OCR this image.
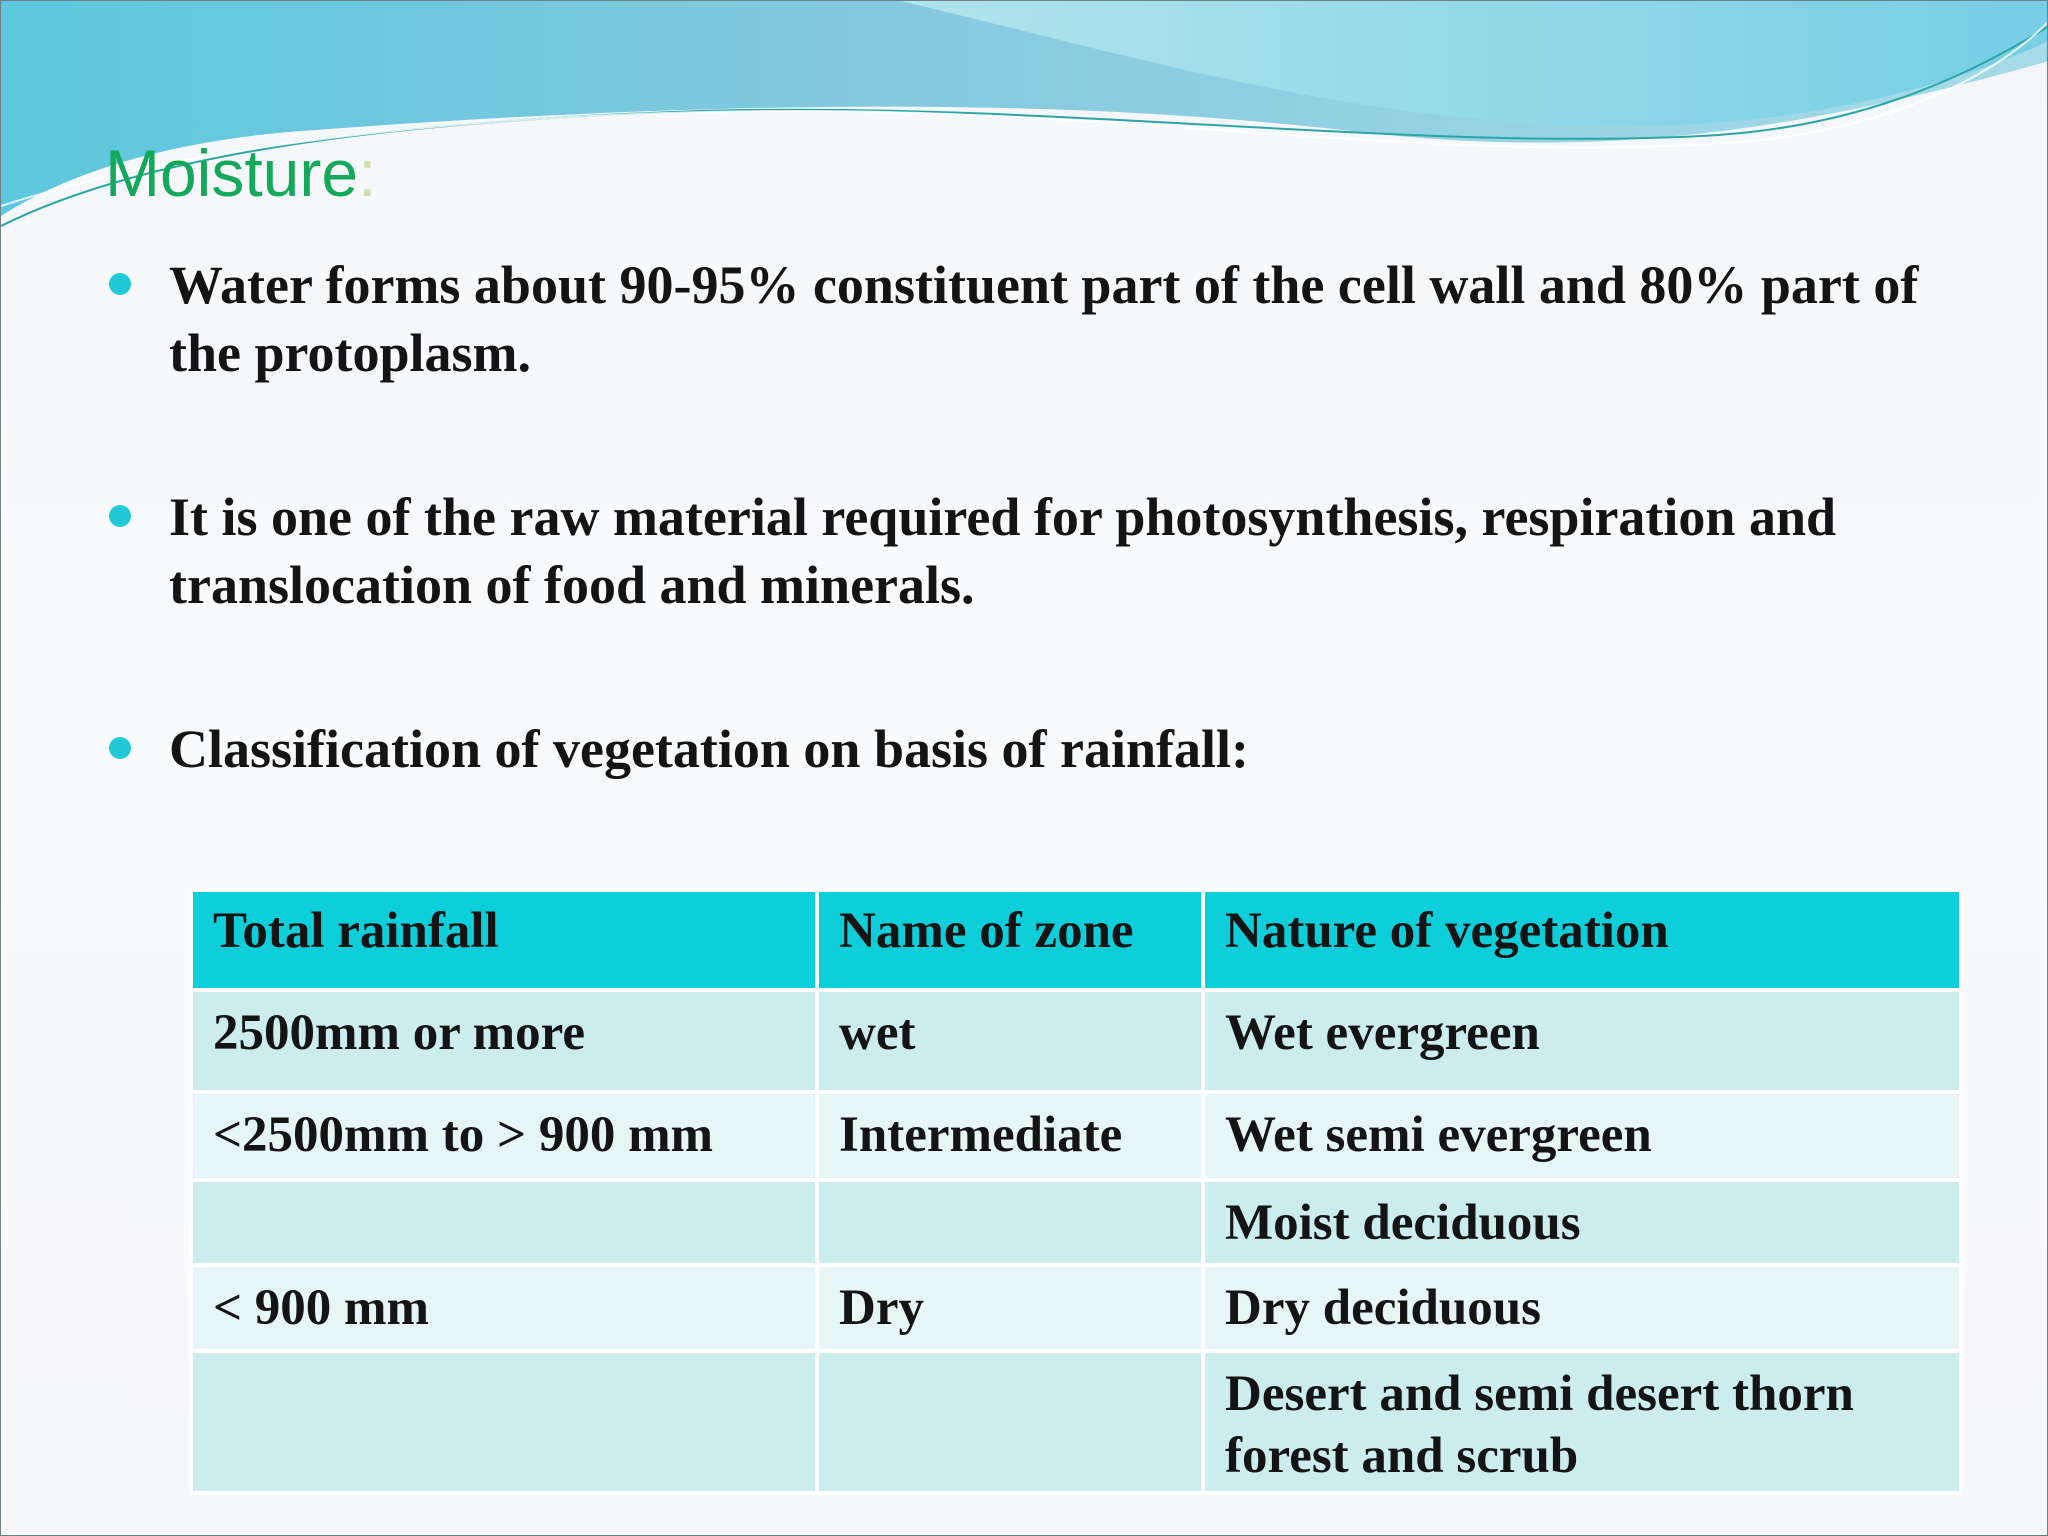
Moisture:
Water forms about 90-95% constituent part of the cell wall and 80% part of the protoplasm.
It is one of the raw material required for photosynthesis, respiration and translocation of food and minerals.
Classification of vegetation on basis of rainfall:
Total rainfall	Name of zone	Nature of vegetation
2500mm or more	wet	Wet evergreen
<2500mm to > 900 mm	Intermediate	Wet semi evergreen
		Moist deciduous
< 900 mm	Dry	Dry deciduous
		Desert and semi desert thorn forest and scrub
